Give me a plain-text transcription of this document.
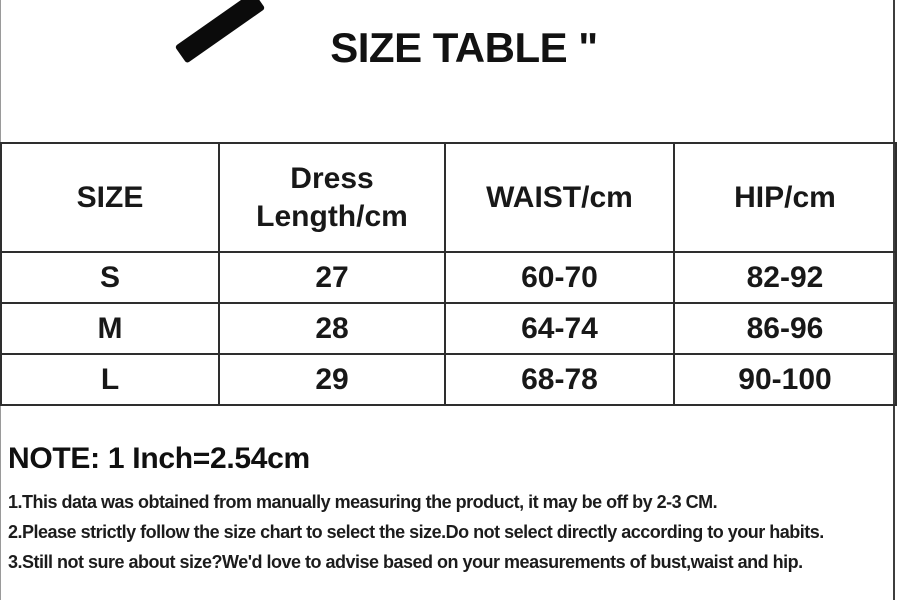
SIZE TABLE "
SIZE	Dress Length/cm	WAIST/cm	HIP/cm
S	27	60-70	82-92
M	28	64-74	86-96
L	29	68-78	90-100
NOTE: 1 Inch=2.54cm
1.This data was obtained from manually measuring the product, it may be off by 2-3 CM.
2.Please strictly follow the size chart to select the size.Do not select directly according to your habits.
3.Still not sure about size?We'd love to advise based on your measurements of bust,waist and hip.
